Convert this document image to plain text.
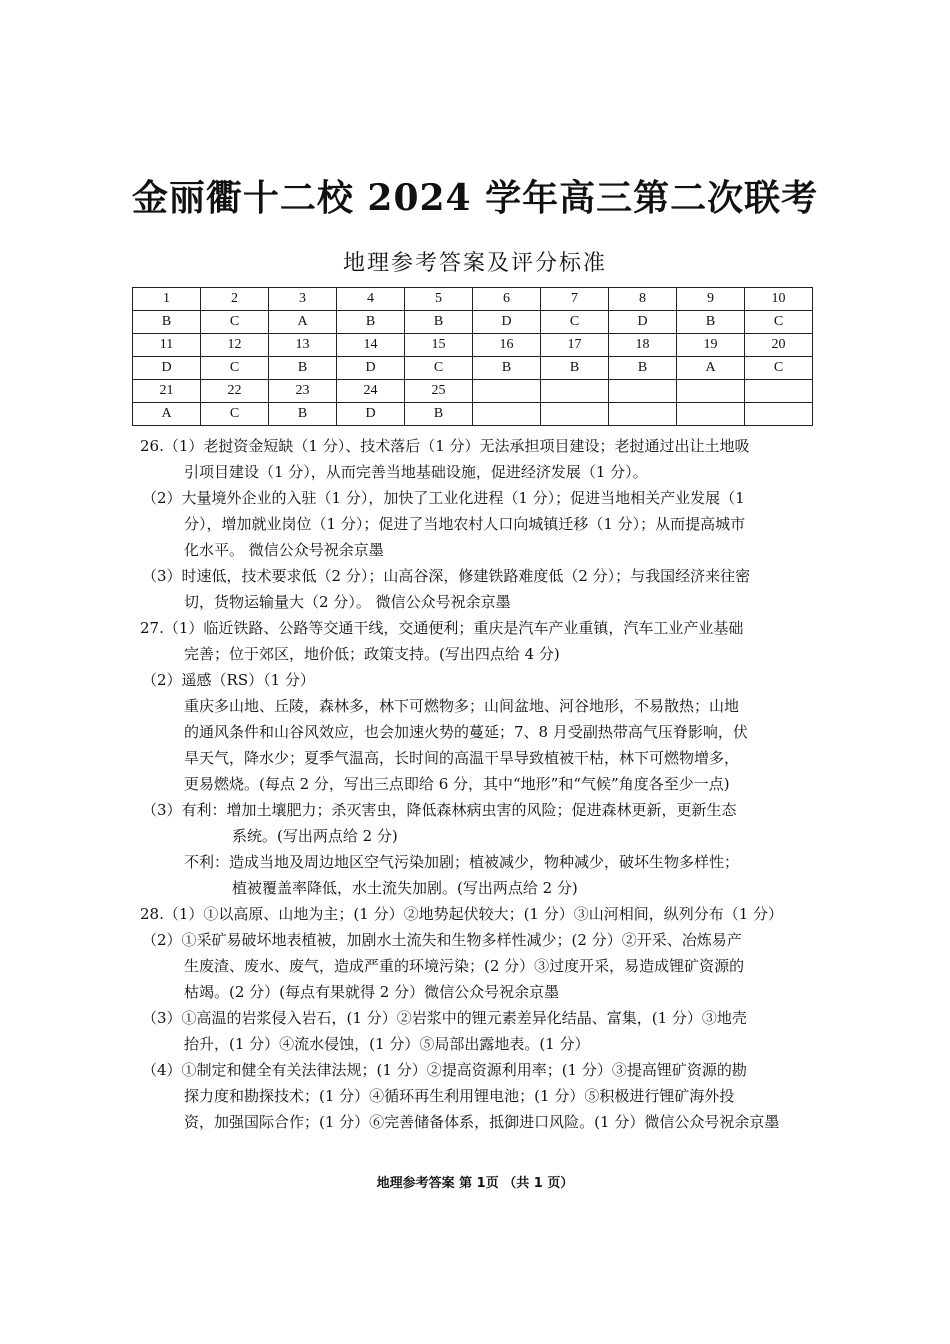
金丽衢十二校 2024 学年高三第二次联考
地理参考答案及评分标准
1	2	3	4	5	6	7	8	9	10
B	C	A	B	B	D	C	D	B	C
11	12	13	14	15	16	17	18	19	20
D	C	B	D	C	B	B	B	A	C
21	22	23	24	25					
A	C	B	D	B					
26.（1）老挝资金短缺（1 分）、技术落后（1 分）无法承担项目建设；老挝通过出让土地吸
引项目建设（1 分），从而完善当地基础设施，促进经济发展（1 分）。
（2）大量境外企业的入驻（1 分），加快了工业化进程（1 分）；促进当地相关产业发展（1
分），增加就业岗位（1 分）；促进了当地农村人口向城镇迁移（1 分）；从而提高城市
化水平。 微信公众号祝余京墨
（3）时速低，技术要求低（2 分）；山高谷深，修建铁路难度低（2 分）；与我国经济来往密
切，货物运输量大（2 分）。 微信公众号祝余京墨
27.（1）临近铁路、公路等交通干线，交通便利；重庆是汽车产业重镇，汽车工业产业基础
完善；位于郊区，地价低；政策支持。(写出四点给 4 分)
（2）遥感（RS）（1 分）
重庆多山地、丘陵，森林多，林下可燃物多；山间盆地、河谷地形，不易散热；山地
的通风条件和山谷风效应，也会加速火势的蔓延；7、8 月受副热带高气压脊影响，伏
旱天气，降水少；夏季气温高，长时间的高温干旱导致植被干枯，林下可燃物增多，
更易燃烧。(每点 2 分，写出三点即给 6 分，其中“地形”和“气候”角度各至少一点)
（3）有利：增加土壤肥力；杀灭害虫，降低森林病虫害的风险；促进森林更新，更新生态
系统。(写出两点给 2 分)
不利：造成当地及周边地区空气污染加剧；植被减少，物种减少，破坏生物多样性；
植被覆盖率降低，水土流失加剧。(写出两点给 2 分)
28.（1）①以高原、山地为主；(1 分）②地势起伏较大；(1 分）③山河相间，纵列分布（1 分）
（2）①采矿易破坏地表植被，加剧水土流失和生物多样性减少；(2 分）②开采、冶炼易产
生废渣、废水、废气，造成严重的环境污染；(2 分）③过度开采，易造成锂矿资源的
枯竭。(2 分）(每点有果就得 2 分）微信公众号祝余京墨
（3）①高温的岩浆侵入岩石，(1 分）②岩浆中的锂元素差异化结晶、富集，(1 分）③地壳
抬升，(1 分）④流水侵蚀，(1 分）⑤局部出露地表。(1 分）
（4）①制定和健全有关法律法规；(1 分）②提高资源利用率；(1 分）③提高锂矿资源的勘
探力度和勘探技术；(1 分）④循环再生利用锂电池；(1 分）⑤积极进行锂矿海外投
资，加强国际合作；(1 分）⑥完善储备体系，抵御进口风险。(1 分）微信公众号祝余京墨
地理参考答案 第 1页 （共 1 页）
